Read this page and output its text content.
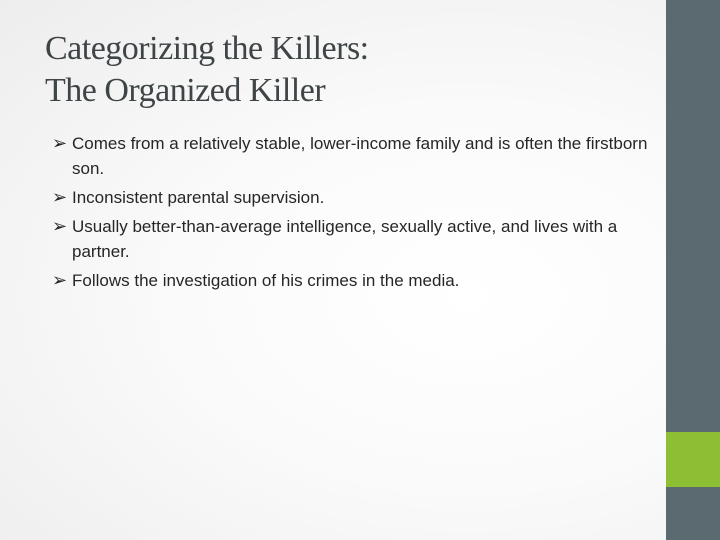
Categorizing the Killers:
The Organized Killer
➢ Comes from a relatively stable, lower-income family and is often the firstborn son.
➢ Inconsistent parental supervision.
➢ Usually better-than-average intelligence, sexually active, and lives with a partner.
➢ Follows the investigation of his crimes in the media.
